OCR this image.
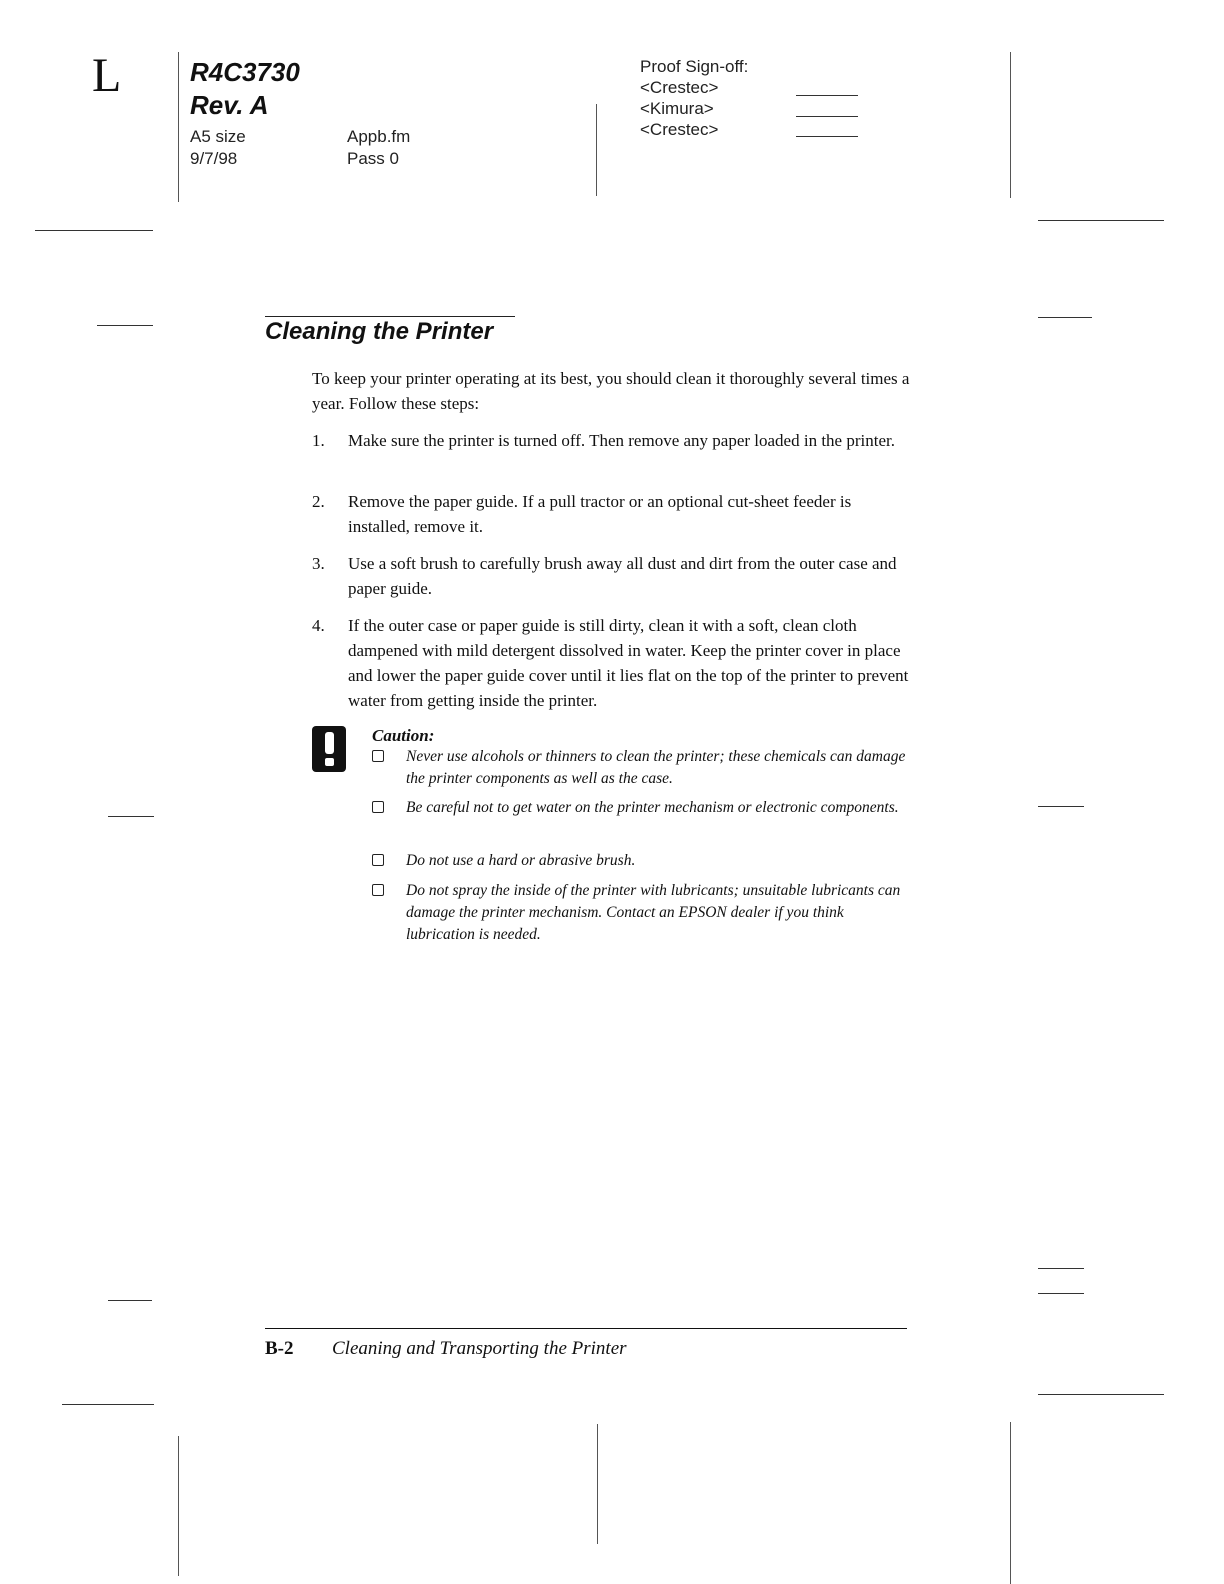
L	R4C3730
Rev. A
A5 size
9/7/98
Appb.fm
Pass 0
Proof Sign-off:
<Crestec>
<Kimura>
<Crestec>
Cleaning the Printer
To keep your printer operating at its best, you should clean it thoroughly several times a year. Follow these steps:
1. Make sure the printer is turned off. Then remove any paper loaded in the printer.
2. Remove the paper guide. If a pull tractor or an optional cut-sheet feeder is installed, remove it.
3. Use a soft brush to carefully brush away all dust and dirt from the outer case and paper guide.
4. If the outer case or paper guide is still dirty, clean it with a soft, clean cloth dampened with mild detergent dissolved in water. Keep the printer cover in place and lower the paper guide cover until it lies flat on the top of the printer to prevent water from getting inside the printer.
Caution:
Never use alcohols or thinners to clean the printer; these chemicals can damage the printer components as well as the case.
Be careful not to get water on the printer mechanism or electronic components.
Do not use a hard or abrasive brush.
Do not spray the inside of the printer with lubricants; unsuitable lubricants can damage the printer mechanism. Contact an EPSON dealer if you think lubrication is needed.
B-2 Cleaning and Transporting the Printer
